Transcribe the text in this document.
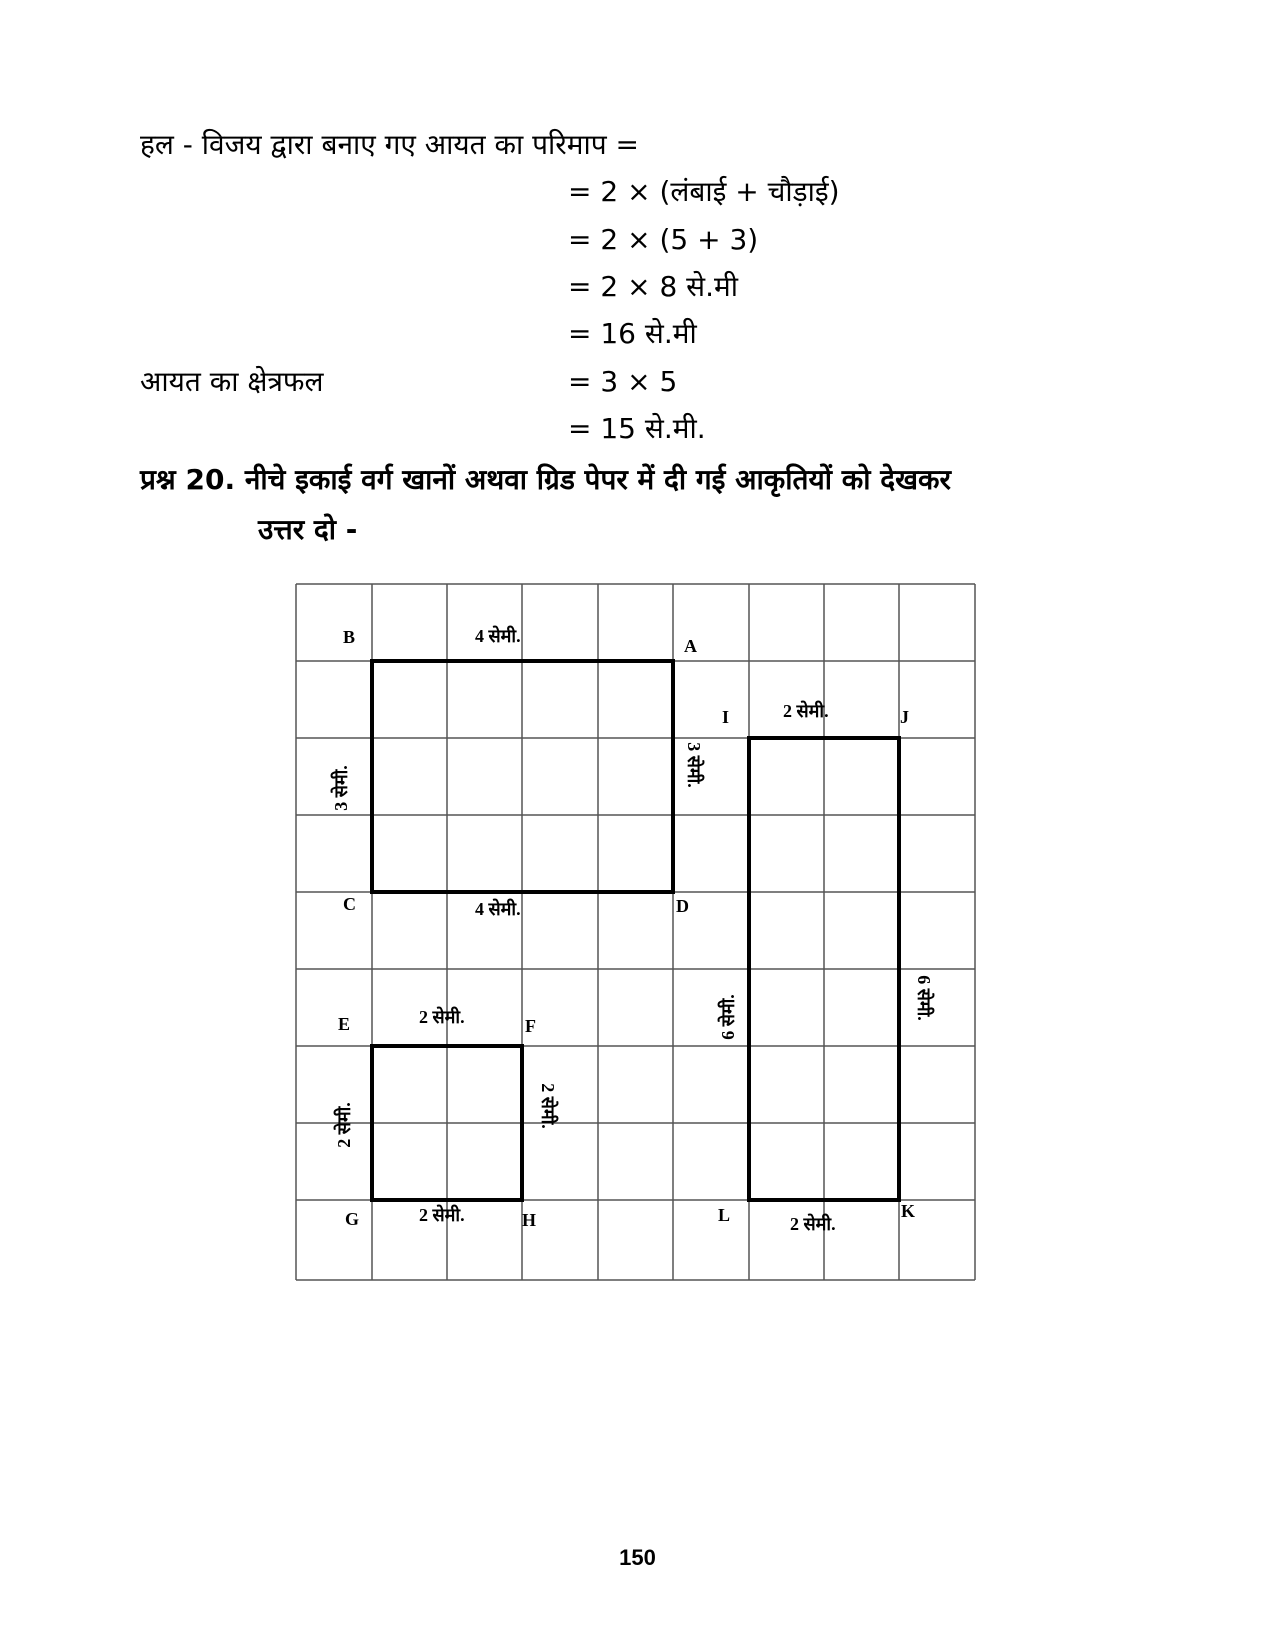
हल - विजय द्वारा बनाए गए आयत का परिमाप =
= 2 × (लंबाई + चौड़ाई)
= 2 × (5 + 3)
= 2 × 8 से.मी
= 16 से.मी
आयत का क्षेत्रफल	= 3 × 5
= 15 से.मी.
प्रश्न 20. नीचे इकाई वर्ग खानों अथवा ग्रिड पेपर में दी गई आकृतियों को देखकर
उत्तर दो -
B	A
C	D
I	J
E	F
G	H	L	K
4 सेमी.
4 सेमी.
2 सेमी.
2 सेमी.
2 सेमी.
2 सेमी.
3 सेमी.
3 सेमी.
6 सेमी.	6 सेमी.
2 सेमी.	2 सेमी.
150
